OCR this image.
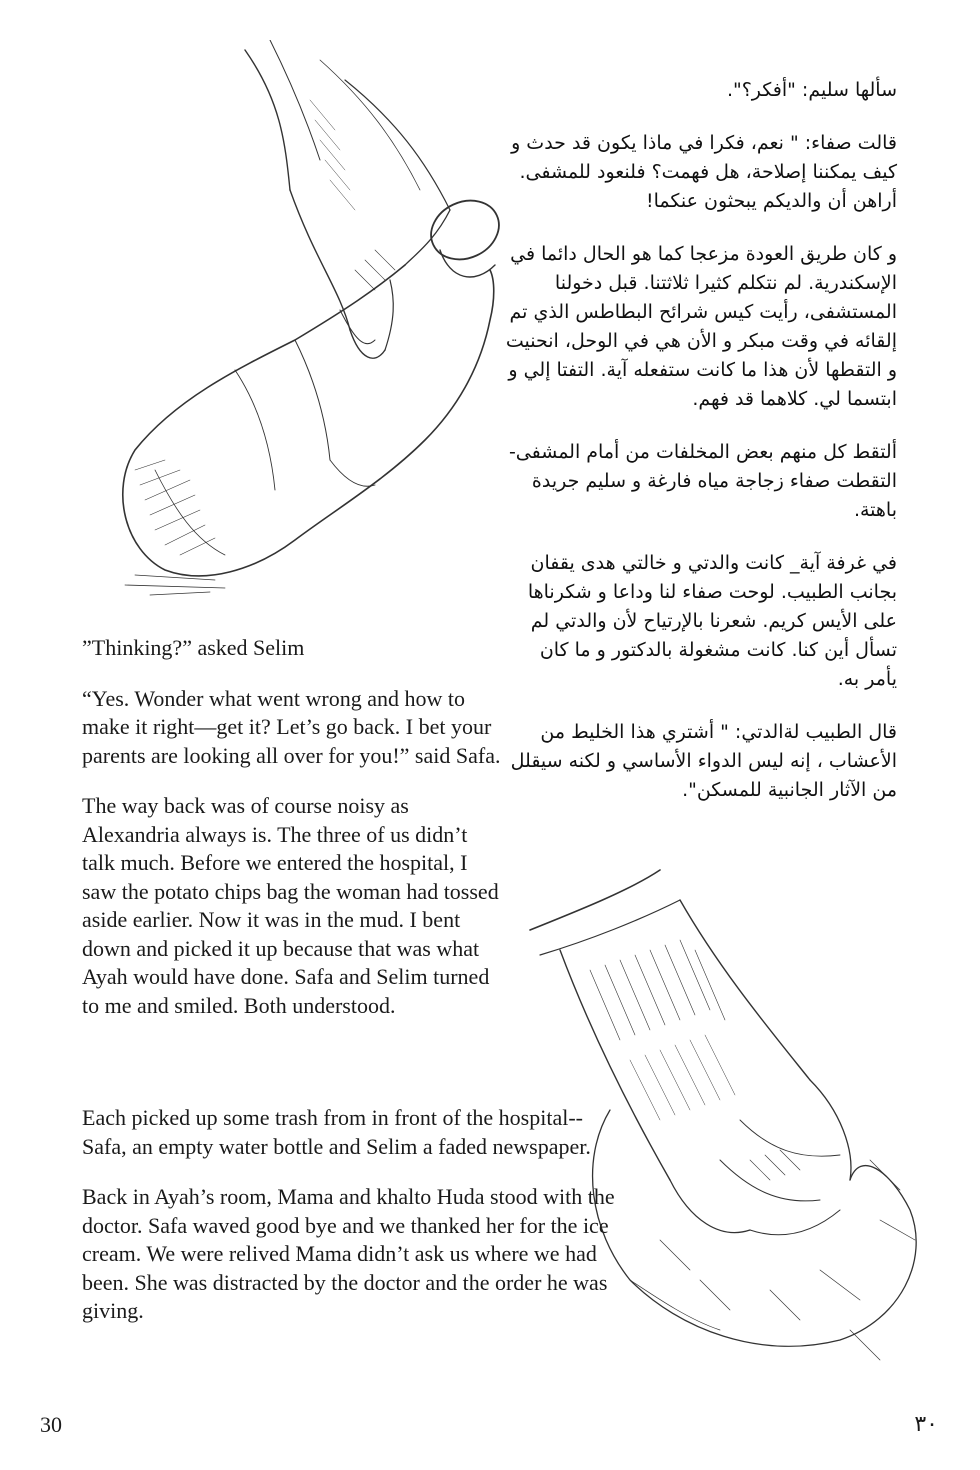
سألها سليم: "أفكر؟".

قالت صفاء: " نعم، فكرا في ماذا يكون قد حدث و كيف يمكننا إصلاحة، هل فهمت؟ فلنعود للمشفى. أراهن أن والديكم يبحثون عنكما!

و كان طريق العودة مزعجا كما هو الحال دائما في الإسكندرية. لم نتكلم كثيرا ثلاثتنا. قبل دخولنا المستشفى، رأيت كيس شرائح البطاطس الذي تم إلقائه في وقت مبكر و الأن هي في الوحل، انحنيت و التقطها لأن هذا ما كانت ستفعله آية. التفتا إلي و ابتسما لي. كلاهما قد فهم.

ألتقط كل منهم بعض المخلفات من أمام المشفى- التقطت صفاء زجاجة مياه فارغة و سليم جريدة باهتة.

في غرفة آية_ كانت والدتي و خالتي هدى يقفان بجانب الطبيب. لوحت صفاء لنا وداعا و شكرناها على الأيس كريم. شعرنا بالإرتياح لأن والدتي لم تسأل أين كنا. كانت مشغولة بالدكتور و ما كان يأمر به.

قال الطبيب لةالدتي: " أشتري هذا الخليط من الأعشاب ، إنه ليس الدواء الأساسي و لكنه سيقلل من الآثار الجانبية للمسكن".

”Thinking?” asked Selim

“Yes. Wonder what went wrong and how to make it right—get it? Let’s go back. I bet your parents are looking all over for you!” said Safa.

The way back was of course noisy as Alexandria always is. The three of us didn’t talk much. Before we entered the hospital, I saw the potato chips bag the woman had tossed aside earlier. Now it was in the mud. I bent down and picked it up because that was what Ayah would have done. Safa and Selim turned to me and smiled. Both understood.

Each picked up some trash from in front of the hospital--Safa, an empty water bottle and Selim a faded newspaper.

Back in Ayah’s room, Mama and khalto Huda stood with the doctor. Safa waved good bye and we thanked her for the ice cream. We were relived Mama didn’t ask us where we had been. She was distracted by the doctor and the order he was giving.

30	٣٠
